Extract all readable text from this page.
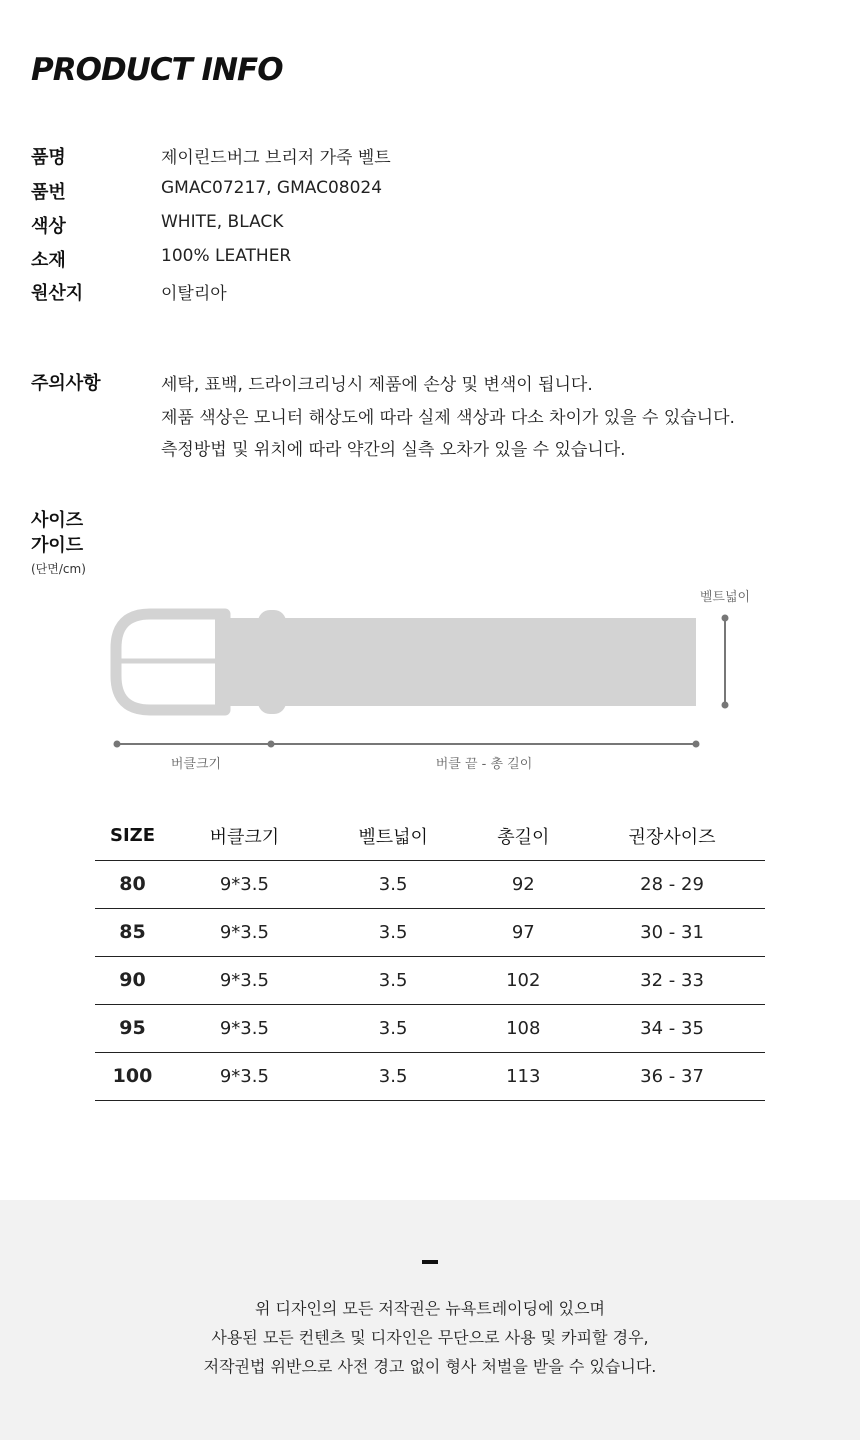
PRODUCT INFO
품명	제이린드버그 브리저 가죽 벨트
품번	GMAC07217, GMAC08024
색상	WHITE, BLACK
소재	100% LEATHER
원산지	이탈리아
주의사항	세탁, 표백, 드라이크리닝시 제품에 손상 및 변색이 됩니다.
제품 색상은 모니터 해상도에 따라 실제 색상과 다소 차이가 있을 수 있습니다.
측정방법 및 위치에 따라 약간의 실측 오차가 있을 수 있습니다.
사이즈
가이드
(단면/cm)
벨트넓이
버클크기	버클 끝 - 총 길이
SIZE	버클크기	벨트넓이	총길이	권장사이즈
80	9*3.5	3.5	92	28 - 29
85	9*3.5	3.5	97	30 - 31
90	9*3.5	3.5	102	32 - 33
95	9*3.5	3.5	108	34 - 35
100	9*3.5	3.5	113	36 - 37
위 디자인의 모든 저작권은 뉴욕트레이딩에 있으며
사용된 모든 컨텐츠 및 디자인은 무단으로 사용 및 카피할 경우,
저작권법 위반으로 사전 경고 없이 형사 처벌을 받을 수 있습니다.
